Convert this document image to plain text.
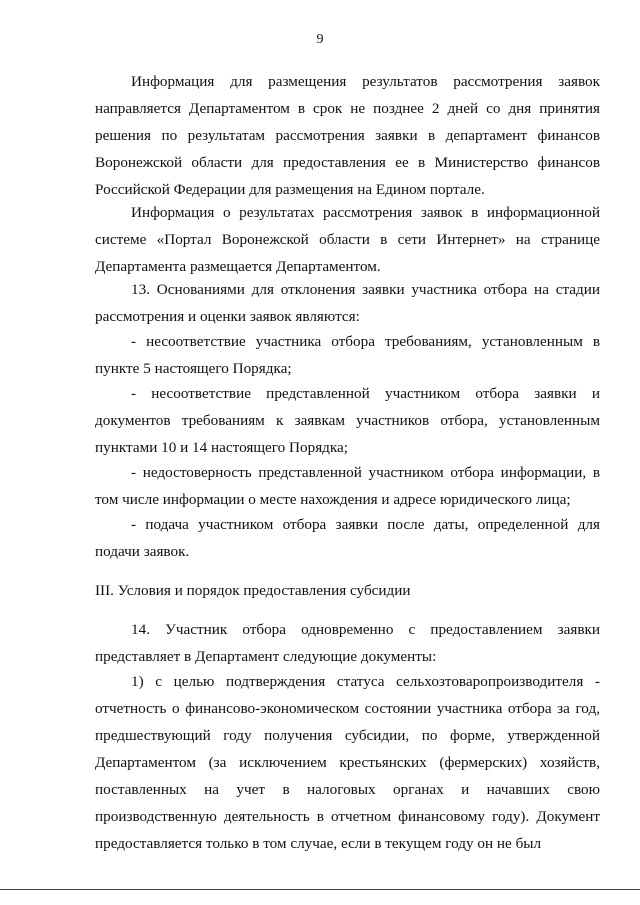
9

Информация для размещения результатов рассмотрения заявок направляется Департаментом в срок не позднее 2 дней со дня принятия решения по результатам рассмотрения заявки в департамент финансов Воронежской области для предоставления ее в Министерство финансов Российской Федерации для размещения на Едином портале.

Информация о результатах рассмотрения заявок в информационной системе «Портал Воронежской области в сети Интернет» на странице Департамента размещается Департаментом.

13. Основаниями для отклонения заявки участника отбора на стадии рассмотрения и оценки заявок являются:

- несоответствие участника отбора требованиям, установленным в пункте 5 настоящего Порядка;

- несоответствие представленной участником отбора заявки и документов требованиям к заявкам участников отбора, установленным пунктами 10 и 14 настоящего Порядка;

- недостоверность представленной участником отбора информации, в том числе информации о месте нахождения и адресе юридического лица;

- подача участником отбора заявки после даты, определенной для подачи заявок.

III. Условия и порядок предоставления субсидии

14. Участник отбора одновременно с предоставлением заявки представляет в Департамент следующие документы:

1) с целью подтверждения статуса сельхозтоваропроизводителя - отчетность о финансово-экономическом состоянии участника отбора за год, предшествующий году получения субсидии, по форме, утвержденной Департаментом (за исключением крестьянских (фермерских) хозяйств, поставленных на учет в налоговых органах и начавших свою производственную деятельность в отчетном финансовому году). Документ предоставляется только в том случае, если в текущем году он не был
